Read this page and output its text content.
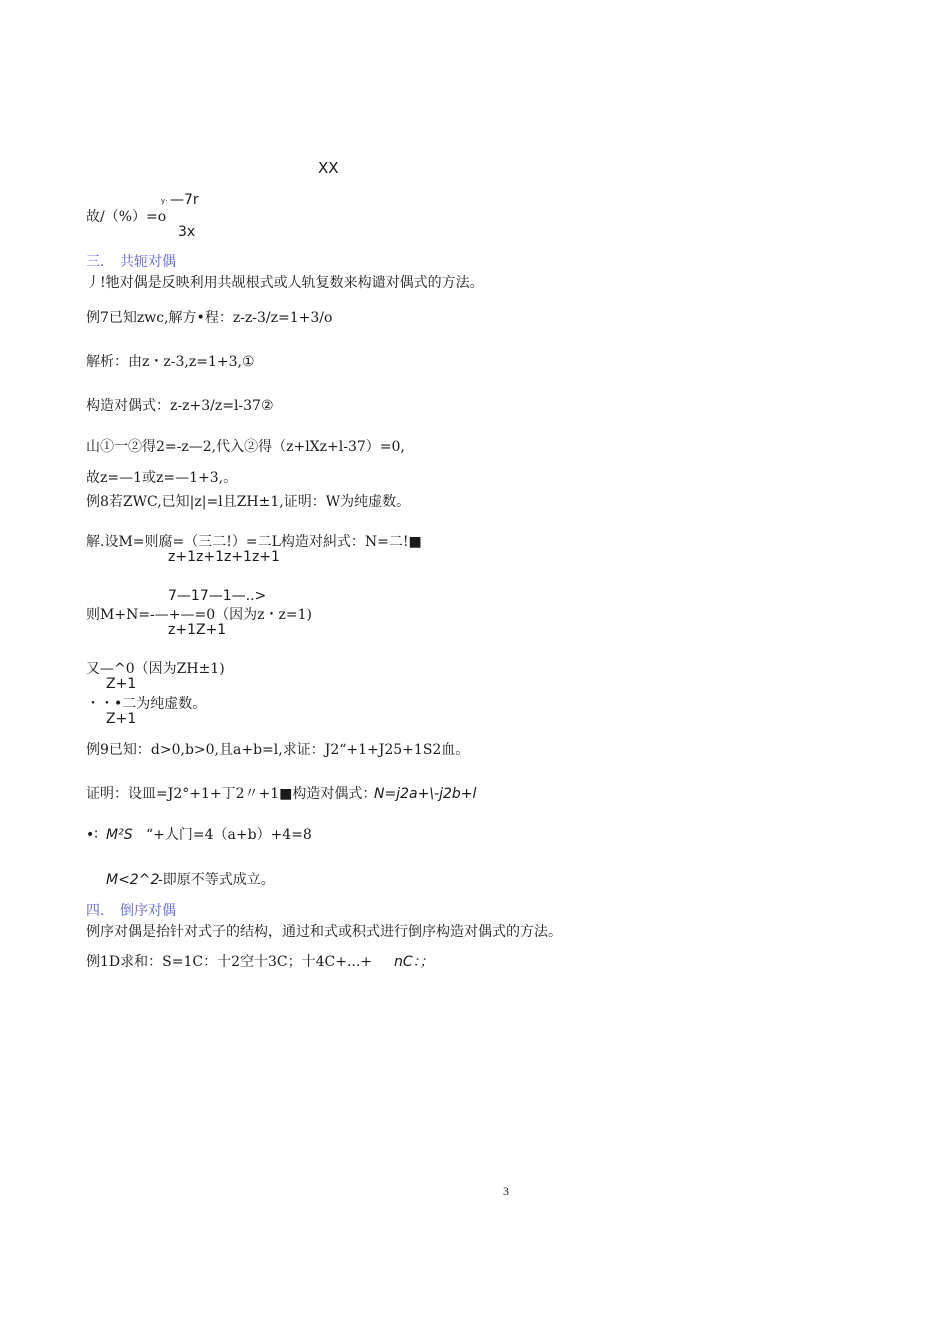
XX
y· —7r
故/（%）=o
3x
三. 共轭对偶
丿!牠对偶是反映利用共觇根式或人轨复数来构谴对偶式的方法。
例7已知zwc,解方•程：z-z-3/z=1+3/o
解析：由z・z-3,z=1+3,①
构造对偶式：z-z+3/z=l-37②
山①一②得2=-z—2,代入②得（z+lXz+l-37）=0,
故z=—1或z=—1+3,。
例8若ZWC,已知|z|=l且ZH±1,证明：W为纯虚数。
解.设M=则腐=（三二!）=二L构造对糾式：N=二!■
z+1z+1z+1z+1
7—17—1—..>
则M+N=-—+—=0（因为z・z=1)
z+1Z+1
又—^0（因为ZH±1)
Z+1
・・•二为纯虚数。
Z+1
例9已知：d>0,b>0,且a+b=l,求证：J2“+1+J25+1S2血。
证明：设皿=J2°+1+丁2〃+1■构造对偶式：
N=j2a+\-j2b+l
•∶ M²S “+人门=4（a+b）+4=8
M<2^2
-即原不等式成立。
四. 倒序对偶
例序对偶是抬针对式子的结构，通过和式或积式进行倒序构造对偶式的方法。
例1D求和：S=1C：十2空十3C；十4C+...+ nC：；
3
